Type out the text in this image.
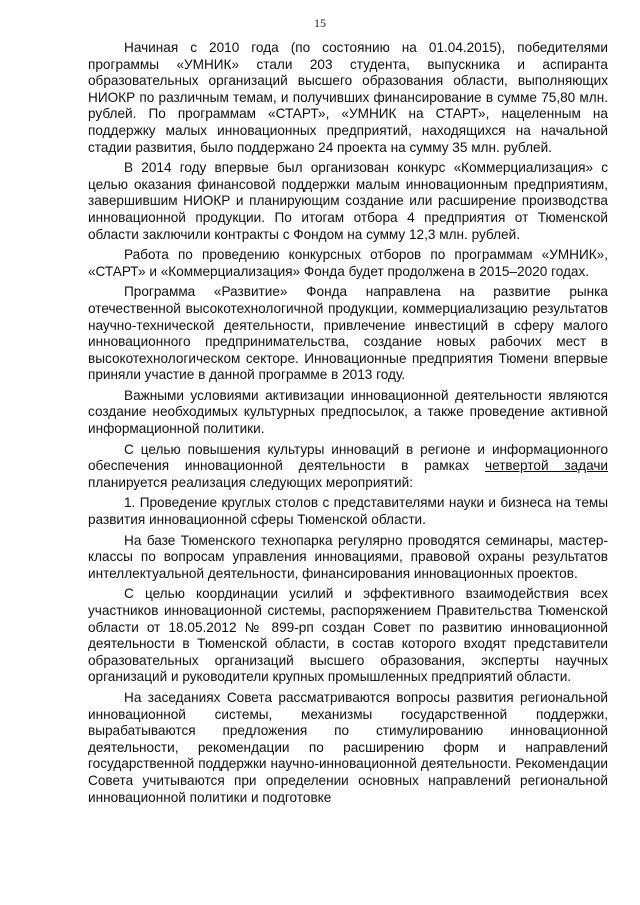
15

Начиная с 2010 года (по состоянию на 01.04.2015), победителями программы «УМНИК» стали 203 студента, выпускника и аспиранта образовательных организаций высшего образования области, выполняющих НИОКР по различным темам, и получивших финансирование в сумме 75,80 млн. рублей. По программам «СТАРТ», «УМНИК на СТАРТ», нацеленным на поддержку малых инновационных предприятий, находящихся на начальной стадии развития, было поддержано 24 проекта на сумму 35 млн. рублей.

В 2014 году впервые был организован конкурс «Коммерциализация» с целью оказания финансовой поддержки малым инновационным предприятиям, завершившим НИОКР и планирующим создание или расширение производства инновационной продукции. По итогам отбора 4 предприятия от Тюменской области заключили контракты с Фондом на сумму 12,3 млн. рублей.

Работа по проведению конкурсных отборов по программам «УМНИК», «СТАРТ» и «Коммерциализация» Фонда будет продолжена в 2015–2020 годах.

Программа «Развитие» Фонда направлена на развитие рынка отечественной высокотехнологичной продукции, коммерциализацию результатов научно-технической деятельности, привлечение инвестиций в сферу малого инновационного предпринимательства, создание новых рабочих мест в высокотехнологическом секторе. Инновационные предприятия Тюмени впервые приняли участие в данной программе в 2013 году.

Важными условиями активизации инновационной деятельности являются создание необходимых культурных предпосылок, а также проведение активной информационной политики.

С целью повышения культуры инноваций в регионе и информационного обеспечения инновационной деятельности в рамках четвертой задачи планируется реализация следующих мероприятий:

1. Проведение круглых столов с представителями науки и бизнеса на темы развития инновационной сферы Тюменской области.

На базе Тюменского технопарка регулярно проводятся семинары, мастер-классы по вопросам управления инновациями, правовой охраны результатов интеллектуальной деятельности, финансирования инновационных проектов.

С целью координации усилий и эффективного взаимодействия всех участников инновационной системы, распоряжением Правительства Тюменской области от 18.05.2012 № 899-рп создан Совет по развитию инновационной деятельности в Тюменской области, в состав которого входят представители образовательных организаций высшего образования, эксперты научных организаций и руководители крупных промышленных предприятий области.

На заседаниях Совета рассматриваются вопросы развития региональной инновационной системы, механизмы государственной поддержки, вырабатываются предложения по стимулированию инновационной деятельности, рекомендации по расширению форм и направлений государственной поддержки научно-инновационной деятельности. Рекомендации Совета учитываются при определении основных направлений региональной инновационной политики и подготовке
